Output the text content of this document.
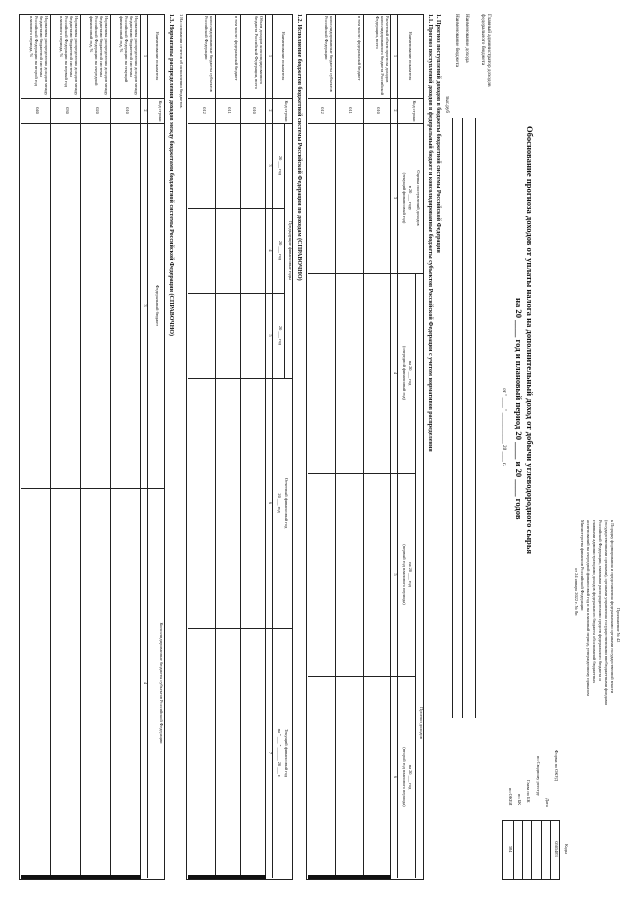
Приложение № 42
к Порядку формирования и представления федеральными органами государственной власти
(государственными органами), органами управления государственными внебюджетными фондами
Российской Федерации, главными распорядителями средств федерального бюджета и
главными администраторами доходов федерального бюджета обоснований бюджетных
ассигнований на очередной финансовый год и на плановый период, утвержденному приказом
Министерства финансов Российской Федерации
от 24 января 2022 г. № 8н
Коды
Форма по ОКУД
0505483
Дата
по Сводному реестру
Глава по БК
по БК
по ОКЕИ
384
Обоснование прогноза доходов от уплаты налога на дополнительный доход от добычи углеводородного сырья
на 20 ____ год и плановый период 20 ____ и 20 ____ годов
от " ____ " ____________ 20 ____ г.
Главный администратор доходов федерального бюджета
Наименование дохода
Наименование бюджета
тыс.руб
1. Прогноз поступлений доходов в бюджеты бюджетной системы Российской Федерации
1.1. Прогноз поступлений доходов в федеральный бюджет и консолидированные бюджеты субъектов Российской Федерации с учетом нормативов распределения
Наименование показателя
Код строки
Оценка поступлений доходов
в 20 ___ году
(текущий финансовый год)
Прогноз доходов
на 20 ___ год
(очередной финансовый год)
на 20 ___ год
(первый год планового периода)
на 20 ___ год
(второй год планового периода)
1
2
3
4
5
6
Расчетный объем прогноза доходов консолидированного бюджета Российской Федерации, всего
010
в том числе: федеральный бюджет
011
консолидированные бюджеты субъектов Российской Федерации
012
1.2. Исполнение бюджетов бюджетной системы Российской Федерации по доходам (СПРАВОЧНО)
Наименование показателя
Код строки
Предыдущие финансовые годы
20 ___ год
20 ___ год
20 ___ год
Отчетный финансовый год
20 ___ год
Текущий финансовый год
на " ___ " ______ 20 ___ г.
1
2
3
4
5
6
7
Объем доходов консолидированного бюджета Российской Федерации, всего
010
в том числе: федеральный бюджет
011
консолидированные бюджеты субъектов Российской Федерации
012
1 На основании отчетов об исполнении бюджетов.
1.3. Нормативы распределения доходов между бюджетами бюджетной системы Российской Федерации (СПРАВОЧНО)
Наименование показателя
Код строки
Федеральный бюджет
Консолидированные бюджеты субъектов Российской Федерации
1
2
3
4
Нормативы распределения доходов между бюджетами бюджетной системы Российской Федерации на текущий финансовый год, %
010
Нормативы распределения доходов между бюджетами бюджетной системы Российской Федерации на очередной финансовый год, %
020
Нормативы распределения доходов между бюджетами бюджетной системы Российской Федерации на первый год планового периода, %
030
Нормативы распределения доходов между бюджетами бюджетной системы Российской Федерации на второй год планового периода, %
040
